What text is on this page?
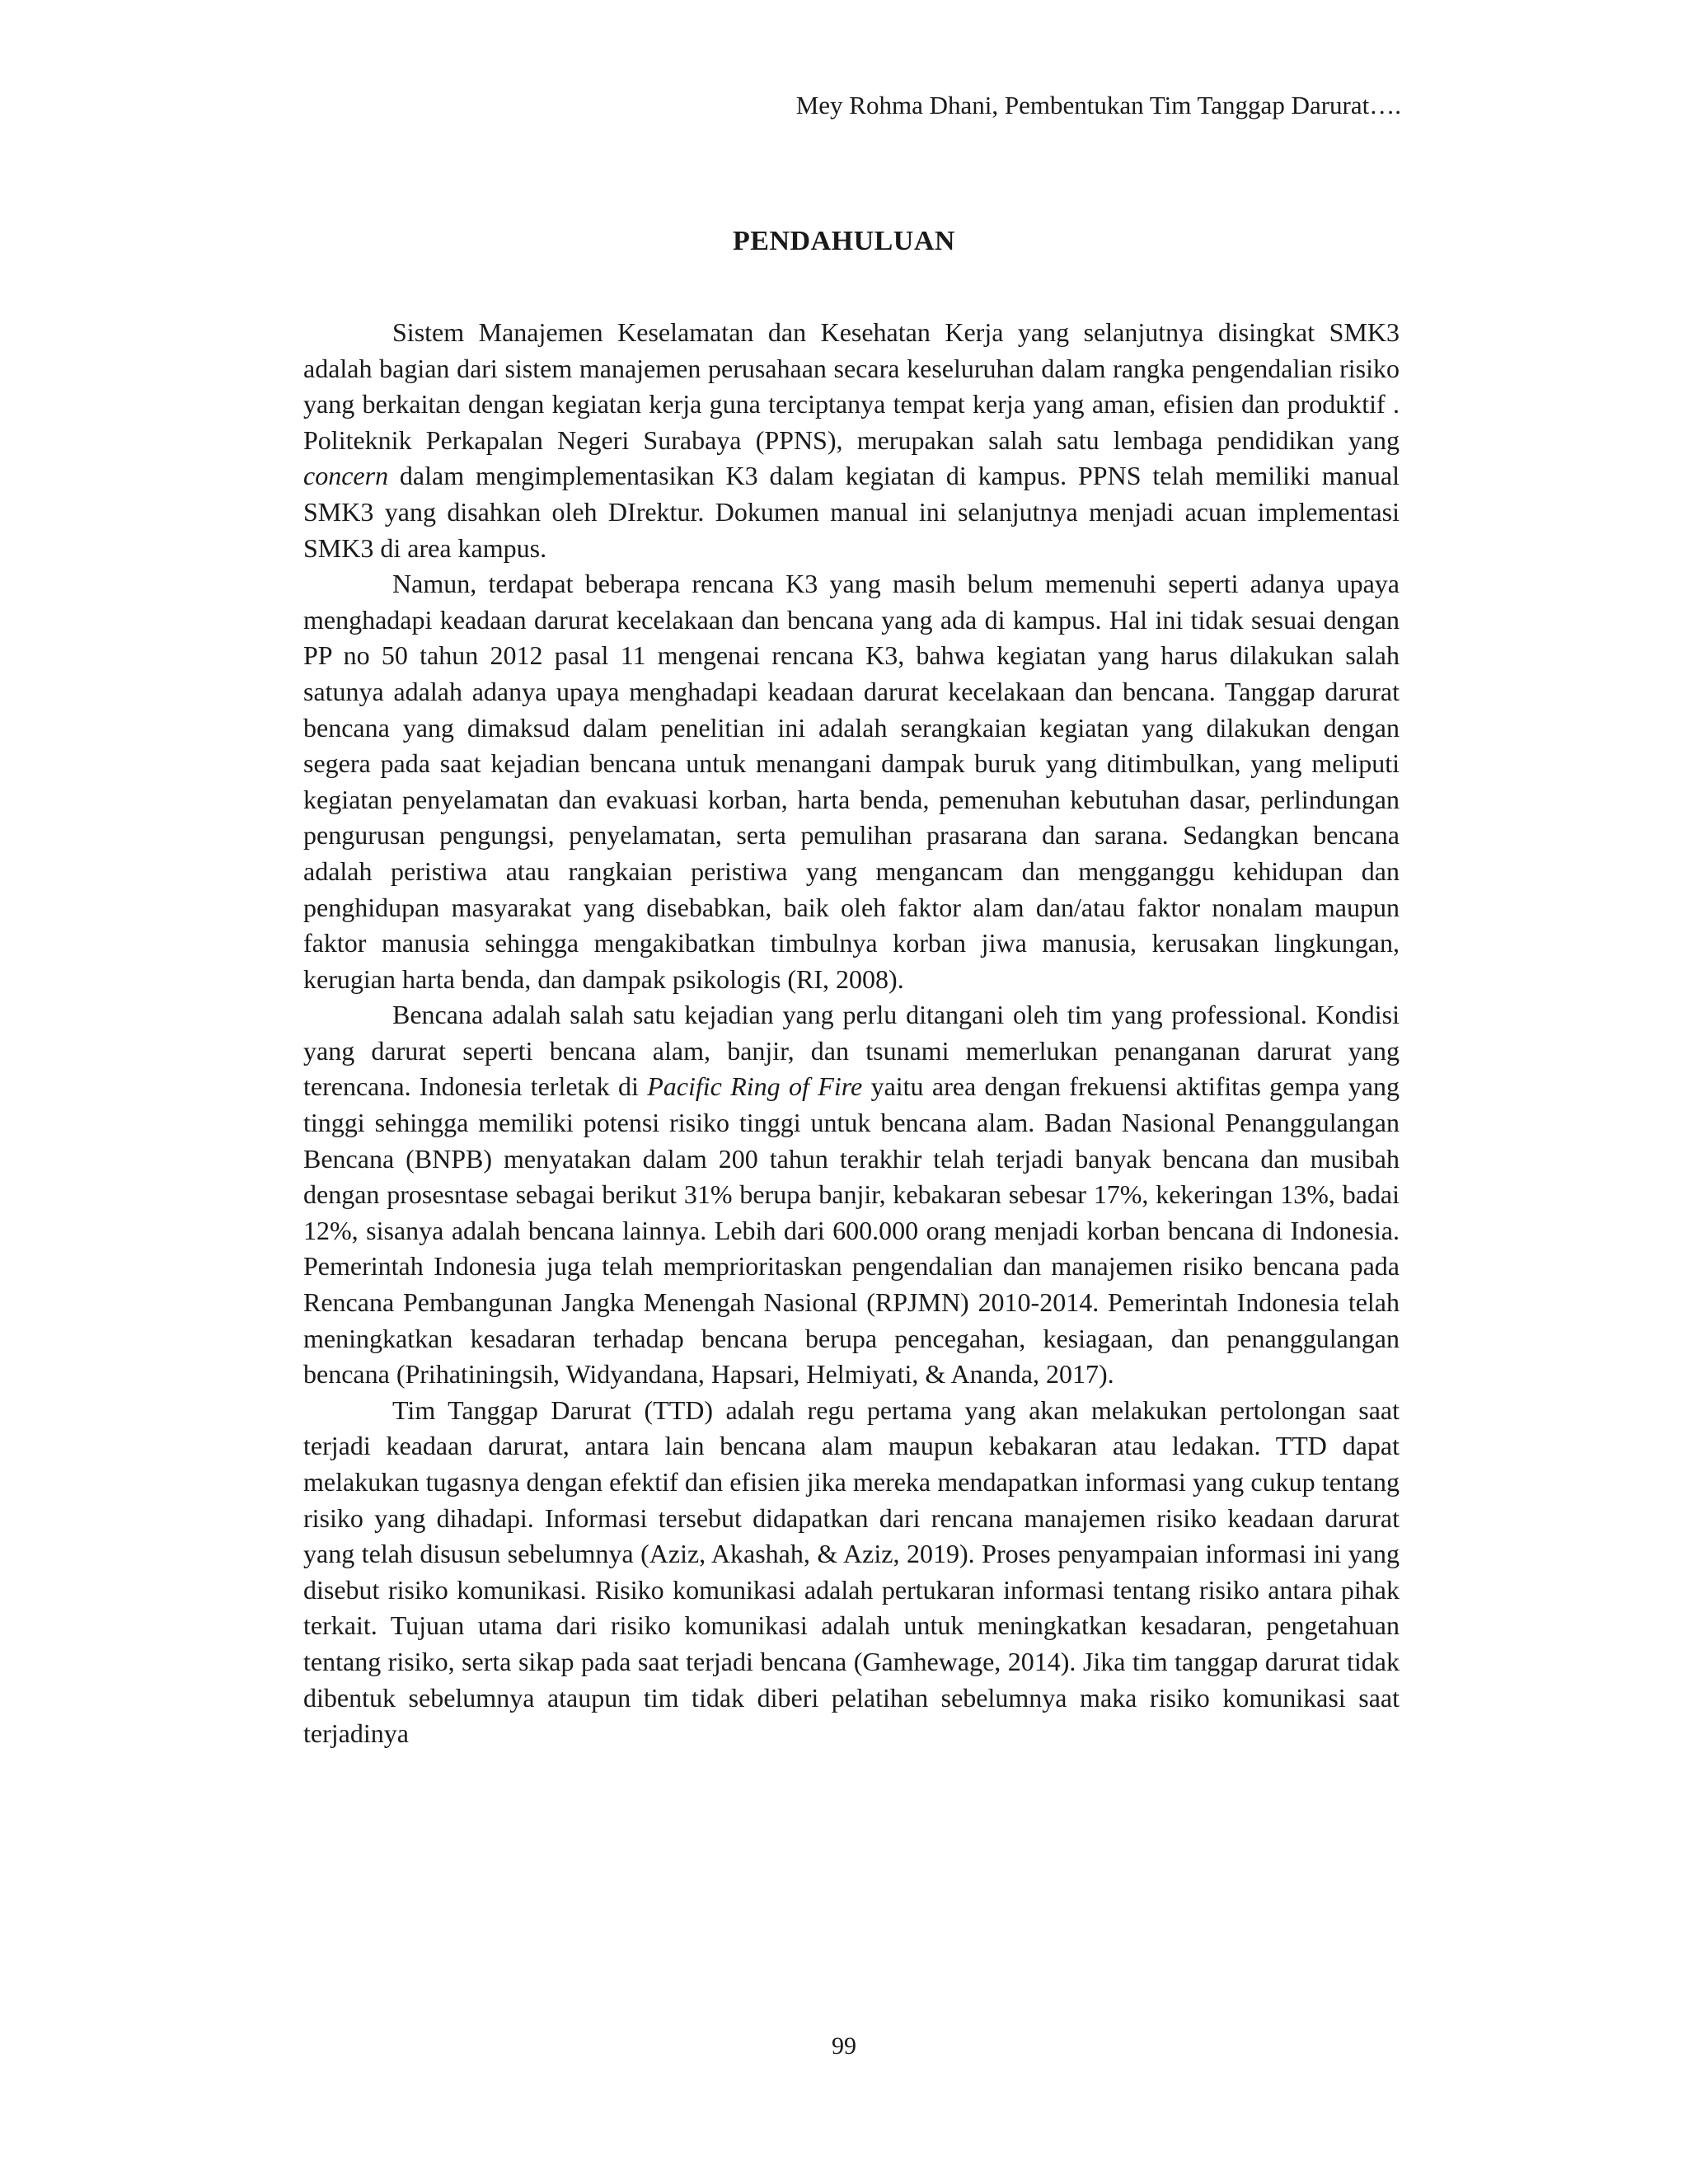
Mey Rohma Dhani, Pembentukan Tim Tanggap Darurat….
PENDAHULUAN

Sistem Manajemen Keselamatan dan Kesehatan Kerja yang selanjutnya disingkat SMK3 adalah bagian dari sistem manajemen perusahaan secara keseluruhan dalam rangka pengendalian risiko yang berkaitan dengan kegiatan kerja guna terciptanya tempat kerja yang aman, efisien dan produktif . Politeknik Perkapalan Negeri Surabaya (PPNS), merupakan salah satu lembaga pendidikan yang concern dalam mengimplementasikan K3 dalam kegiatan di kampus. PPNS telah memiliki manual SMK3 yang disahkan oleh DIrektur. Dokumen manual ini selanjutnya menjadi acuan implementasi SMK3 di area kampus.

Namun, terdapat beberapa rencana K3 yang masih belum memenuhi seperti adanya upaya menghadapi keadaan darurat kecelakaan dan bencana yang ada di kampus. Hal ini tidak sesuai dengan PP no 50 tahun 2012 pasal 11 mengenai rencana K3, bahwa kegiatan yang harus dilakukan salah satunya adalah adanya upaya menghadapi keadaan darurat kecelakaan dan bencana. Tanggap darurat bencana yang dimaksud dalam penelitian ini adalah serangkaian kegiatan yang dilakukan dengan segera pada saat kejadian bencana untuk menangani dampak buruk yang ditimbulkan, yang meliputi kegiatan penyelamatan dan evakuasi korban, harta benda, pemenuhan kebutuhan dasar, perlindungan pengurusan pengungsi, penyelamatan, serta pemulihan prasarana dan sarana. Sedangkan bencana adalah peristiwa atau rangkaian peristiwa yang mengancam dan mengganggu kehidupan dan penghidupan masyarakat yang disebabkan, baik oleh faktor alam dan/atau faktor nonalam maupun faktor manusia sehingga mengakibatkan timbulnya korban jiwa manusia, kerusakan lingkungan, kerugian harta benda, dan dampak psikologis (RI, 2008).

Bencana adalah salah satu kejadian yang perlu ditangani oleh tim yang professional. Kondisi yang darurat seperti bencana alam, banjir, dan tsunami memerlukan penanganan darurat yang terencana. Indonesia terletak di Pacific Ring of Fire yaitu area dengan frekuensi aktifitas gempa yang tinggi sehingga memiliki potensi risiko tinggi untuk bencana alam. Badan Nasional Penanggulangan Bencana (BNPB) menyatakan dalam 200 tahun terakhir telah terjadi banyak bencana dan musibah dengan prosesntase sebagai berikut 31% berupa banjir, kebakaran sebesar 17%, kekeringan 13%, badai 12%, sisanya adalah bencana lainnya. Lebih dari 600.000 orang menjadi korban bencana di Indonesia. Pemerintah Indonesia juga telah memprioritaskan pengendalian dan manajemen risiko bencana pada Rencana Pembangunan Jangka Menengah Nasional (RPJMN) 2010-2014. Pemerintah Indonesia telah meningkatkan kesadaran terhadap bencana berupa pencegahan, kesiagaan, dan penanggulangan bencana (Prihatiningsih, Widyandana, Hapsari, Helmiyati, & Ananda, 2017).

Tim Tanggap Darurat (TTD) adalah regu pertama yang akan melakukan pertolongan saat terjadi keadaan darurat, antara lain bencana alam maupun kebakaran atau ledakan. TTD dapat melakukan tugasnya dengan efektif dan efisien jika mereka mendapatkan informasi yang cukup tentang risiko yang dihadapi. Informasi tersebut didapatkan dari rencana manajemen risiko keadaan darurat yang telah disusun sebelumnya (Aziz, Akashah, & Aziz, 2019). Proses penyampaian informasi ini yang disebut risiko komunikasi. Risiko komunikasi adalah pertukaran informasi tentang risiko antara pihak terkait. Tujuan utama dari risiko komunikasi adalah untuk meningkatkan kesadaran, pengetahuan tentang risiko, serta sikap pada saat terjadi bencana (Gamhewage, 2014). Jika tim tanggap darurat tidak dibentuk sebelumnya ataupun tim tidak diberi pelatihan sebelumnya maka risiko komunikasi saat terjadinya

99
